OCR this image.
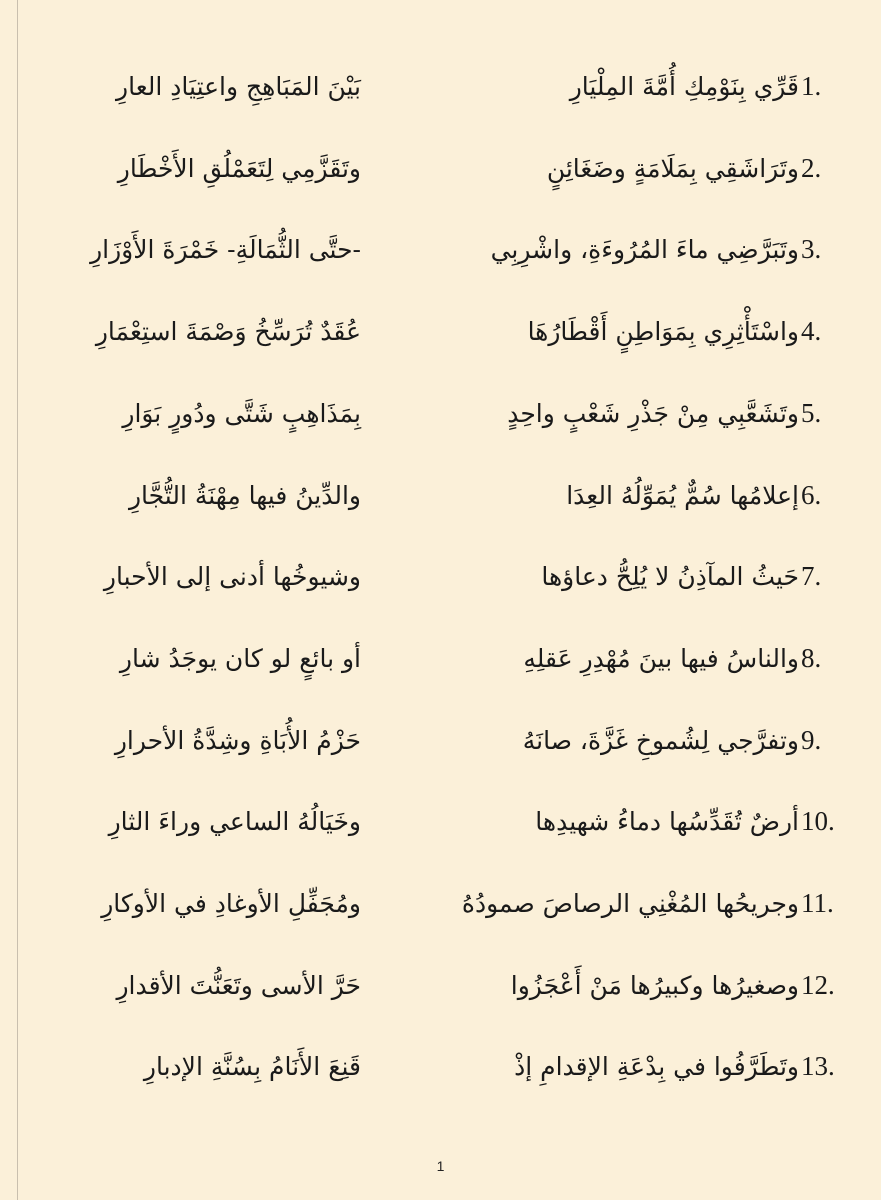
1.
قَرِّي بِنَوْمِكِ أُمَّةَ المِلْيَارِ
بَيْنَ المَبَاهِجِ واعتِيَادِ العارِ
2.
وتَرَاشَقِي بِمَلَامَةٍ وضَغَائِنٍ
وتَقَزَّمِي لِتَعَمْلُقِ الأَخْطَارِ
3.
وتَبَرَّضِي ماءَ المُرُوءَةِ، واشْرِبِي
-حتَّى الثُّمَالَةِ- خَمْرَةَ الأَوْزَارِ
4.
واسْتَأْثِرِي بِمَوَاطِنٍ أَقْطَارُهَا
عُقَدٌ تُرَسِّخُ وَصْمَةَ استِعْمَارِ
5.
وتَشَعَّبِي مِنْ جَذْرِ شَعْبٍ واحِدٍ
بِمَذَاهِبٍ شَتَّى ودُورٍ بَوَارِ
6.
إعلامُها سُمٌّ يُمَوِّلُهُ العِدَا
والدِّينُ فيها مِهْنَةُ التُّجَّارِ
7.
حَيثُ المآذِنُ لا يُلِحُّ دعاؤها
وشيوخُها أدنى إلى الأحبارِ
8.
والناسُ فيها بينَ مُهْدِرِ عَقلِهِ
أو بائعٍ لو كان يوجَدُ شارِ
9.
وتفرَّجي لِشُموخِ غَزَّةَ، صانَهُ
حَزْمُ الأُبَاةِ وشِدَّةُ الأحرارِ
10.
أرضٌ تُقَدِّسُها دماءُ شهيدِها
وخَيَالُهُ الساعي وراءَ الثارِ
11.
وجريحُها المُغْنِي الرصاصَ صمودُهُ
ومُجَفِّلِ الأوغادِ في الأوكارِ
12.
وصغيرُها وكبيرُها مَنْ أَعْجَزُوا
حَرَّ الأسى وتَعَنُّتَ الأقدارِ
13.
وتَطَرَّفُوا في بِدْعَةِ الإقدامِ إذْ
قَنِعَ الأَنَامُ بِسُنَّةِ الإدبارِ
1
